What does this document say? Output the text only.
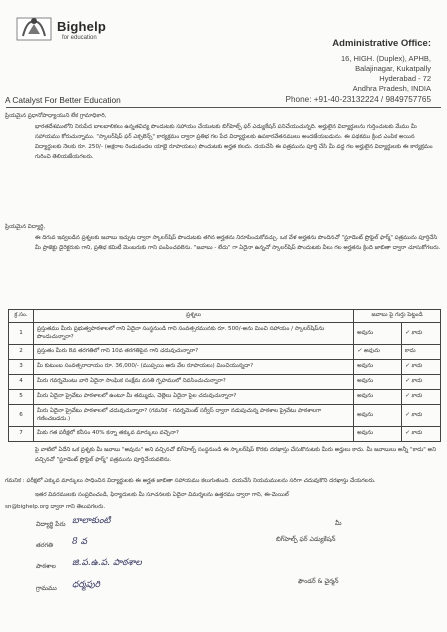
Bighelp
for education	Administrative Office:
16, HIGH. (Duplex), APHB,
Balajinagar, Kukatpally
Hyderabad - 72
Andhra Pradesh, INDIA
A Catalyst For Better Education	Phone: +91-40-23132224 / 9849757765
ప్రియమైన ప్రధానోపాధ్యాయుని లేక గ్రామాధికారి,
భారతదేశములోని నిరుపేద బాలబాలికలు ఉన్నతవిద్య పొందుటకు సహాయం చేయుటకు బిగ్‌హెల్ప్ ఫర్ ఎడ్యుకేషన్ పనిచేయుచున్నది. అర్హులైన విద్యార్థులను గుర్తించుటకు మేము మీ సహాయము కోరుచున్నాము. "స్కాలర్‌షిప్ ఫర్ ఎక్సలెన్స్" కార్యక్రమం ద్వారా ప్రతిభ గల పేద విద్యార్థులకు ఉపకారవేతనములు అందజేయబడును. ఈ పథకము క్రింద ఎంపిక అయిన విద్యార్థులకు నెలకు రూ. 250/- (అక్షరాల రెండువందల యాభై రూపాయలు) పొందుటకు అర్హత కలదు. దయచేసి ఈ పత్రమును పూర్తి చేసి మీ వద్ద గల అర్హులైన విద్యార్థులకు ఈ కార్యక్రమం గురించి తెలియజేయగలరు.
ప్రియమైన విద్యార్థి,
ఈ దిగువ ఇవ్వబడిన ప్రశ్నలకు జవాబు ఇచ్చుట ద్వారా స్కాలర్‌షిప్ పొందుటకు తగిన అర్హతను నిరూపించుకోవచ్చు. ఒక వేళ అర్హతను పొందినచో "స్టూడెంట్ ప్రొఫైల్ ఫార్మ్" పత్రమును పూర్తిచేసి మీ ప్రాజెక్టు డైరెక్టరుకు గాని, ప్రతిభ కమిటీ మెంబరుకు గాని పంపించవలెను. "జవాబు - లేదు" గా ఏదైనా ఉన్నచో స్కాలర్‌షిప్ పొందుటకు వీలు గల అర్హతను క్రింది జాబితా ద్వారా చూసుకోగలరు.
క్ర.సం.	ప్రశ్నలు	జవాబు పై గుర్తు పెట్టండి	
1	ప్రస్తుతము మీరు ప్రభుత్వపాఠశాలలో గాని ఏదైనా సంస్థనుండి గాని సంవత్సరమునకు రూ. 500/-అను మించి సహాయం / స్కాలర్‌షిప్‌ను పొందుచున్నారా?	అవును	✓ కాదు
2	ప్రస్తుతం మీరు 8వ తరగతిలో గాని 10వ తరగతిపైన గాని చదువుచున్నారా?	✓ అవును	కాదు
3	మీ కుటుంబ సంవత్సరాదాయం రూ. 36,000/- (ముప్పయి ఆరు వేల రూపాయలు) మించియున్నదా?	అవును	✓ కాదు
4	మీరు గవర్నమెంటు వారి ఏదైనా సాంఘిక సంక్షేమ వసతి గృహములో నివసించుచున్నారా?	అవును	✓ కాదు
5	మీరు ఏదైనా ప్రైవేటు పాఠశాలలో ఉంటూ మీ తమ్ముడు, చెల్లెలు ఏదైనా పైల చదువుచున్నారా?	అవును	✓ కాదు
6	మీరు ఏదైనా ప్రైవేటు పాఠశాలలో చదువుచున్నారా? (గమనిక - గవర్నమెంట్ సర్వీస్ ద్వారా నడుపుచున్న పాఠశాల ప్రైవేటు పాఠశాలగా గణించబడదు.)	అవును	✓ కాదు
7	మీకు గత పరీక్షలో కనీసం 40% కన్నా తక్కువ మార్కులు వచ్చెనా?	అవును	✓ కాదు
పై వాటిలో ఏదేని ఒక ప్రశ్నకు మీ జవాబు "అవును" అని వచ్చినచో బిగ్‌హెల్ప్ సంస్థనుండి ఈ స్కాలర్‌షిప్ కొరకు దరఖాస్తు చేసుకొనుటకు మీరు అర్హులు కాదు. మీ జవాబులు అన్నీ "కాదు" అని వచ్చినచో "స్టూడెంట్ ప్రొఫైల్ ఫార్మ్" పత్రమును పూర్తిచేయవలెను.
గమనిక : పరీక్షలో ఎక్కువ మార్కులు సాధించిన విద్యార్థులకు ఈ అర్హత జాబితా సహాయము కలుగుతుంది. దయచేసి నియమములను సరిగా చదువుకొని దరఖాస్తు చేయగలరు.
ఇతర వివరములకు సంప్రదించండి, ఫిర్యాదులకు మీ సూచనలకు ఏదైనా విమర్శలను ఉత్తరము ద్వారా గాని, ఈ-మెయిల్
sn@bighelp.org ద్వారా గాని తెలుపగలరు.
విద్యార్థి పేరు బాలాకుంటి
తరగతి 8 వ
పాఠశాల జి.ప.ఉ.ప. పాఠశాల
గ్రామము ధర్మపురి
మీ
బిగ్‌హెల్ప్ ఫర్ ఎడ్యుకేషన్
ఫౌండర్ & చైర్మన్
